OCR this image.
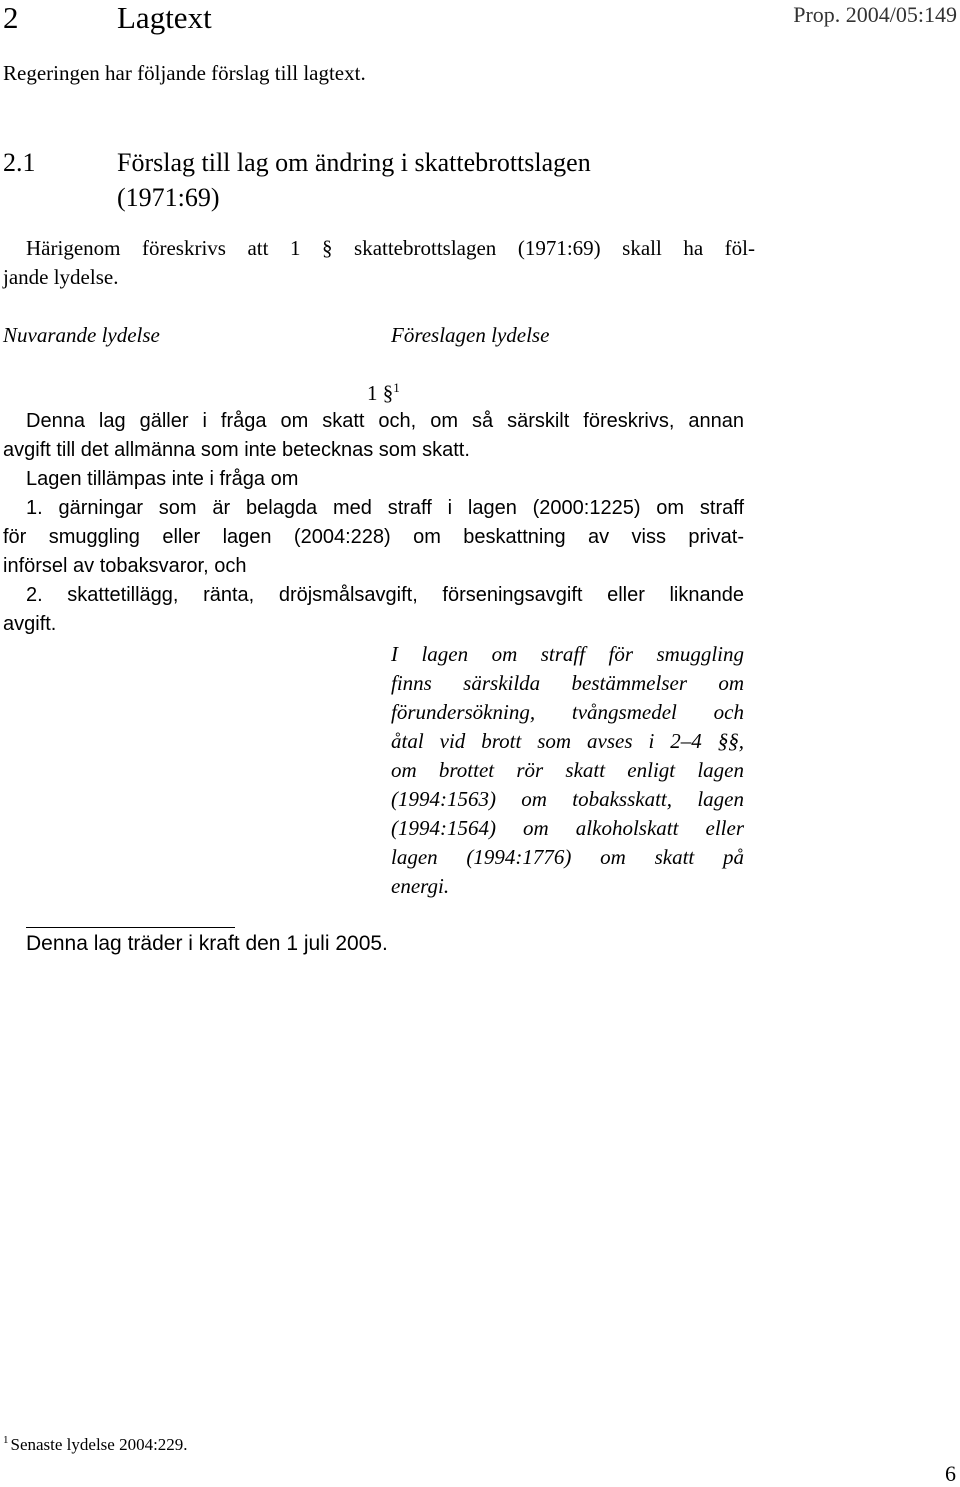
2	Lagtext	Prop. 2004/05:149
Regeringen har följande förslag till lagtext.
2.1	Förslag till lag om ändring i skattebrottslagen
(1971:69)
Härigenom föreskrivs att 1 § skattebrottslagen (1971:69) skall ha föl-
jande lydelse.
Nuvarande lydelse	Föreslagen lydelse
1 §$^1$
Denna lag gäller i fråga om skatt och, om så särskilt föreskrivs, annan
avgift till det allmänna som inte betecknas som skatt.
Lagen tillämpas inte i fråga om
1. gärningar som är belagda med straff i lagen (2000:1225) om straff
för smuggling eller lagen (2004:228) om beskattning av viss privat-
införsel av tobaksvaror, och
2. skattetillägg, ränta, dröjsmålsavgift, förseningsavgift eller liknande
avgift.
I lagen om straff för smuggling
finns särskilda bestämmelser om
förundersökning, tvångsmedel och
åtal vid brott som avses i 2–4 §§,
om brottet rör skatt enligt lagen
(1994:1563) om tobaksskatt, lagen
(1994:1564) om alkoholskatt eller
lagen (1994:1776) om skatt på
energi.
Denna lag träder i kraft den 1 juli 2005.
$^1$ Senaste lydelse 2004:229.
6
